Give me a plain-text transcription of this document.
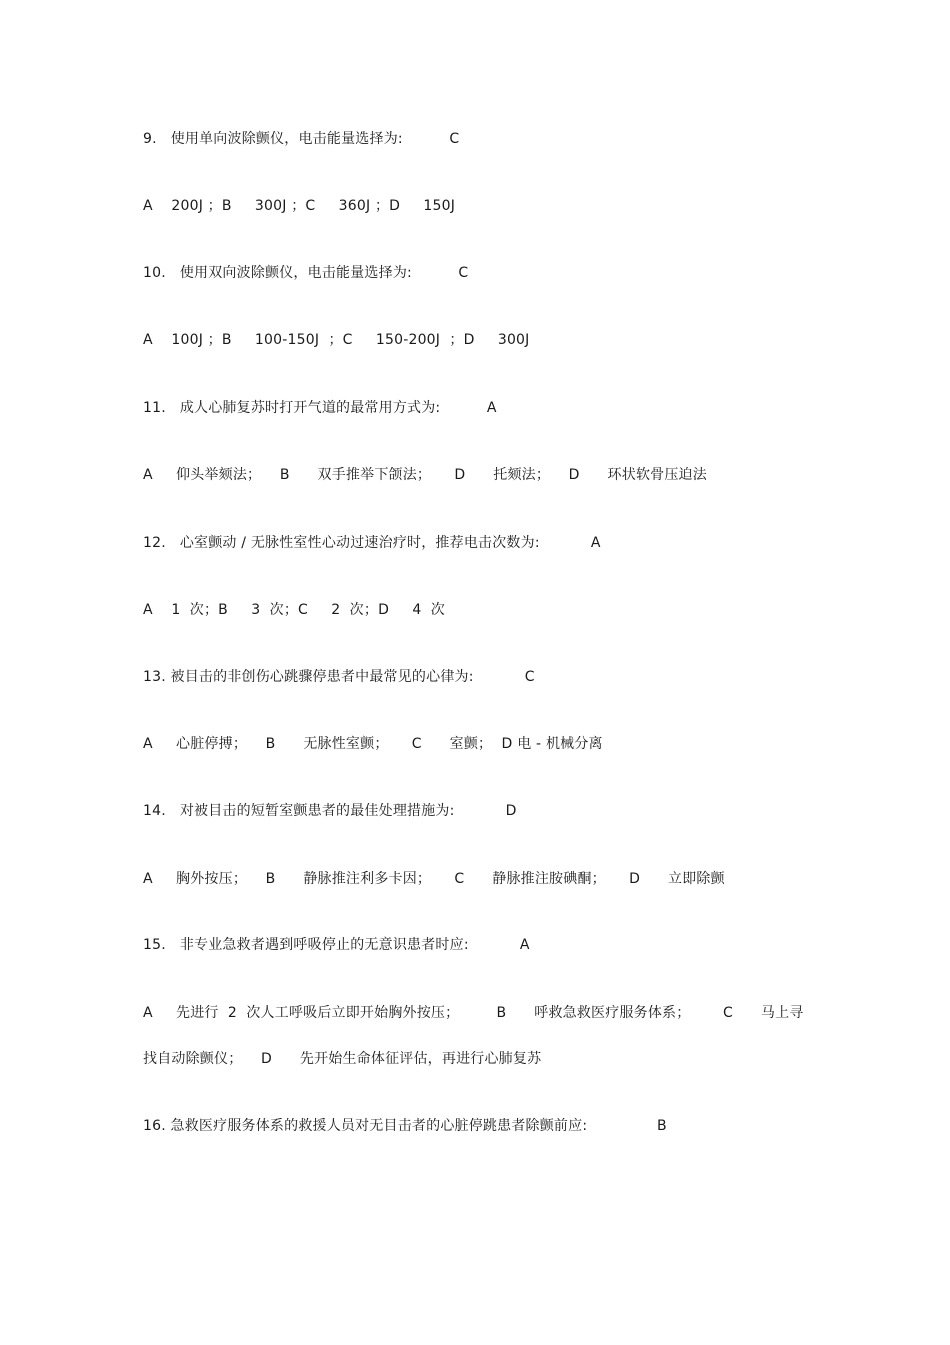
9.   使用单向波除颤仪，电击能量选择为:          C
A    200J ；B     300J ；C     360J ；D     150J
10.   使用双向波除颤仪，电击能量选择为:          C
A    100J ；B     100-150J  ；C     150-200J  ；D     300J
11.   成人心肺复苏时打开气道的最常用方式为:          A
A     仰头举颏法；    B      双手推举下颌法；     D      托颏法；    D      环状软骨压迫法
12.   心室颤动 / 无脉性室性心动过速治疗时，推荐电击次数为:           A
A    1  次；B     3  次；C     2  次；D     4  次
13. 被目击的非创伤心跳骤停患者中最常见的心律为:           C
A     心脏停搏；    B      无脉性室颤；     C      室颤；  D 电 - 机械分离
14.   对被目击的短暂室颤患者的最佳处理措施为:           D
A     胸外按压；    B      静脉推注利多卡因；     C      静脉推注胺碘酮；     D      立即除颤
15.   非专业急救者遇到呼吸停止的无意识患者时应:           A
A     先进行  2  次人工呼吸后立即开始胸外按压；        B      呼救急救医疗服务体系；       C      马上寻
找自动除颤仪；    D      先开始生命体征评估，再进行心肺复苏
16. 急救医疗服务体系的救援人员对无目击者的心脏停跳患者除颤前应:               B
